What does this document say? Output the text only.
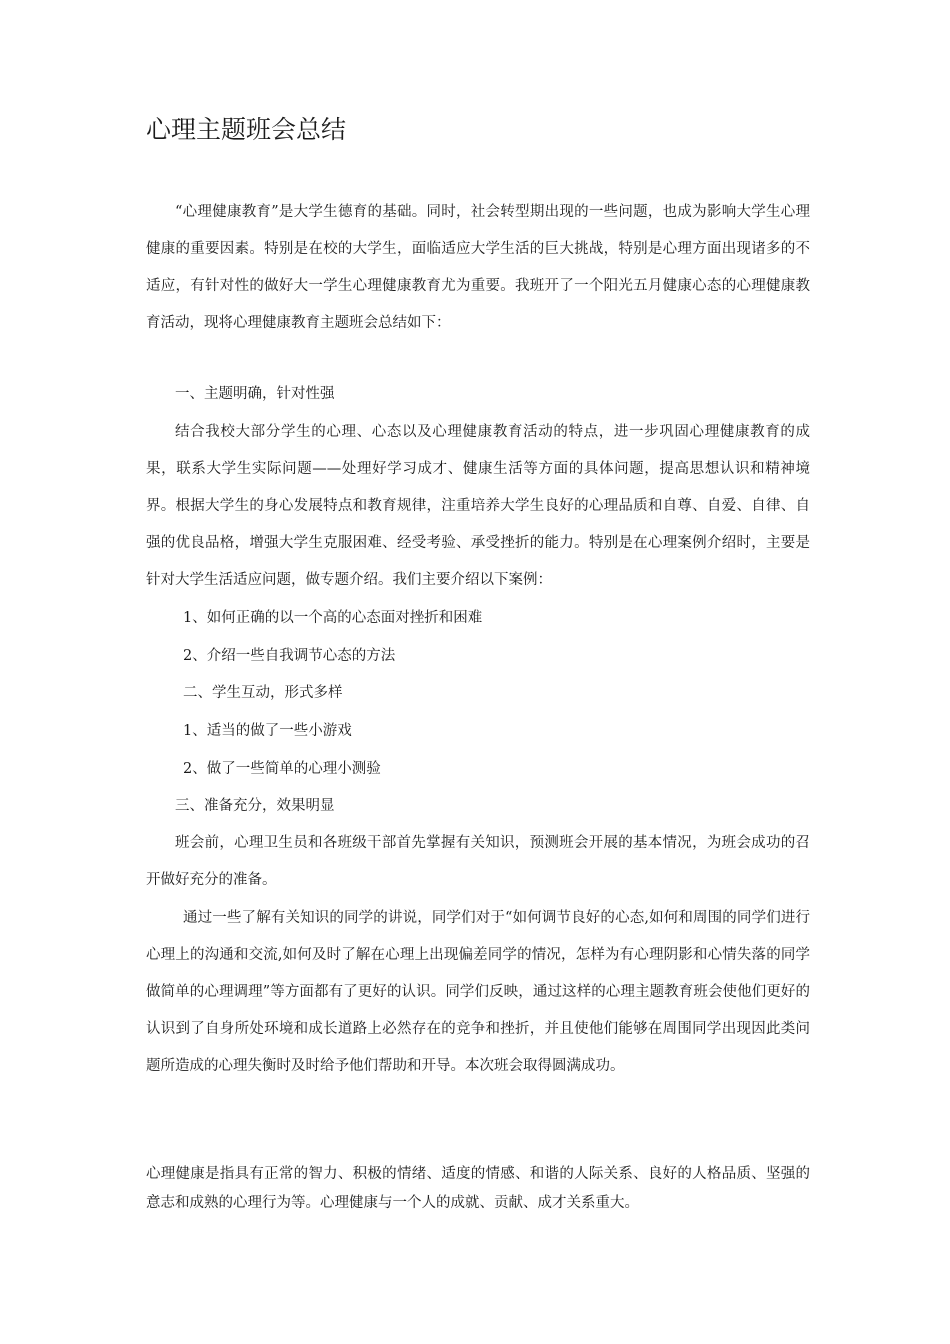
心理主题班会总结

“心理健康教育”是大学生德育的基础。同时，社会转型期出现的一些问题，也成为影响大学生心理健康的重要因素。特别是在校的大学生，面临适应大学生活的巨大挑战，特别是心理方面出现诸多的不适应，有针对性的做好大一学生心理健康教育尤为重要。我班开了一个阳光五月健康心态的心理健康教育活动，现将心理健康教育主题班会总结如下：

一、主题明确，针对性强

结合我校大部分学生的心理、心态以及心理健康教育活动的特点，进一步巩固心理健康教育的成果，联系大学生实际问题——处理好学习成才、健康生活等方面的具体问题，提高思想认识和精神境界。根据大学生的身心发展特点和教育规律，注重培养大学生良好的心理品质和自尊、自爱、自律、自强的优良品格，增强大学生克服困难、经受考验、承受挫折的能力。特别是在心理案例介绍时，主要是针对大学生活适应问题，做专题介绍。我们主要介绍以下案例：

1、如何正确的以一个高的心态面对挫折和困难

2、介绍一些自我调节心态的方法

二、学生互动，形式多样

1、适当的做了一些小游戏

2、做了一些简单的心理小测验

三、准备充分，效果明显

班会前，心理卫生员和各班级干部首先掌握有关知识，预测班会开展的基本情况，为班会成功的召开做好充分的准备。

通过一些了解有关知识的同学的讲说，同学们对于“如何调节良好的心态,如何和周围的同学们进行心理上的沟通和交流,如何及时了解在心理上出现偏差同学的情况，怎样为有心理阴影和心情失落的同学做简单的心理调理”等方面都有了更好的认识。同学们反映，通过这样的心理主题教育班会使他们更好的认识到了自身所处环境和成长道路上必然存在的竞争和挫折，并且使他们能够在周围同学出现因此类问题所造成的心理失衡时及时给予他们帮助和开导。本次班会取得圆满成功。

心理健康是指具有正常的智力、积极的情绪、适度的情感、和谐的人际关系、良好的人格品质、坚强的意志和成熟的心理行为等。心理健康与一个人的成就、贡献、成才关系重大。
